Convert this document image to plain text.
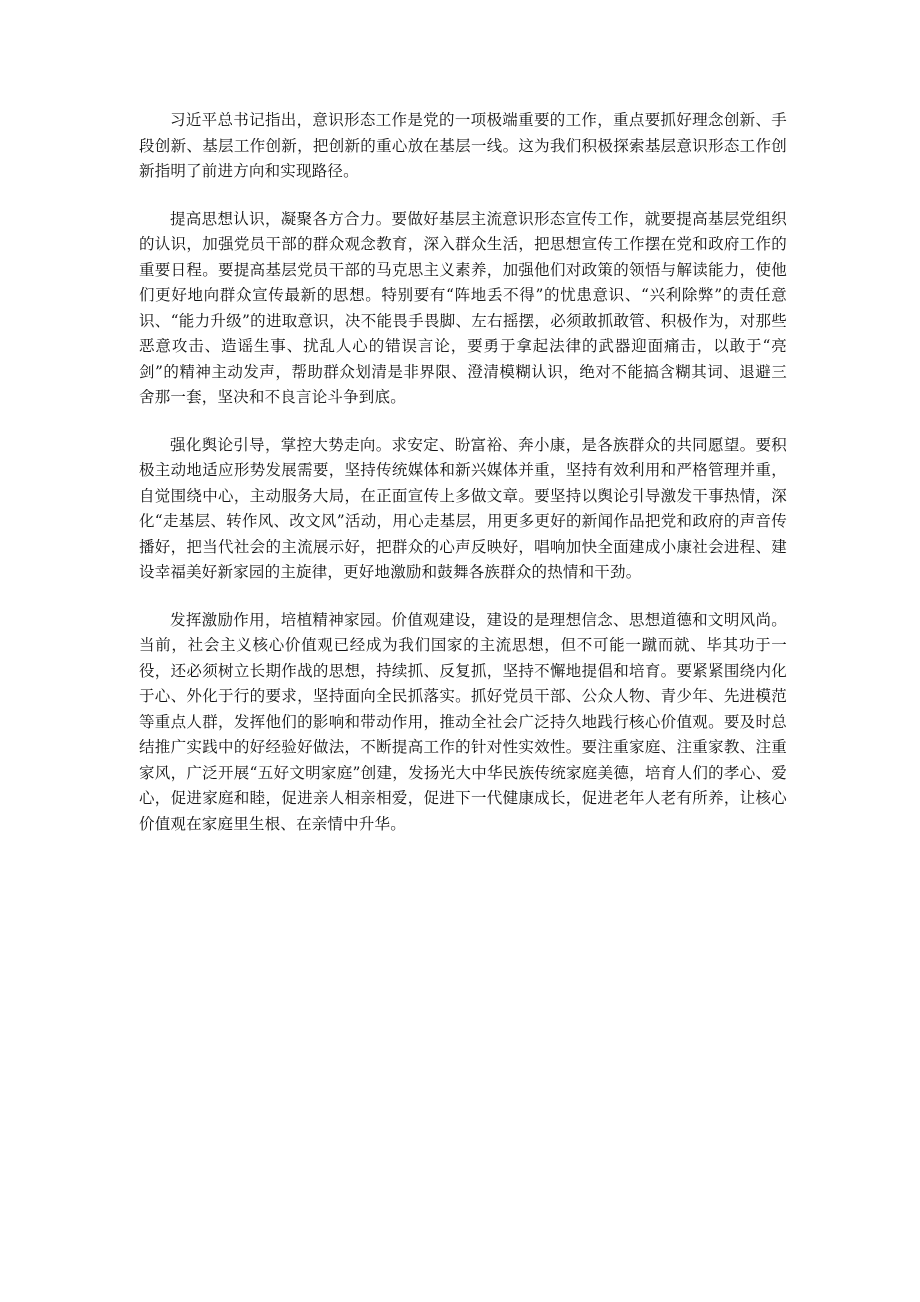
习近平总书记指出，意识形态工作是党的一项极端重要的工作，重点要抓好理念创新、手段创新、基层工作创新，把创新的重心放在基层一线。这为我们积极探索基层意识形态工作创新指明了前进方向和实现路径。

提高思想认识，凝聚各方合力。要做好基层主流意识形态宣传工作，就要提高基层党组织的认识，加强党员干部的群众观念教育，深入群众生活，把思想宣传工作摆在党和政府工作的重要日程。要提高基层党员干部的马克思主义素养，加强他们对政策的领悟与解读能力，使他们更好地向群众宣传最新的思想。特别要有“阵地丢不得”的忧患意识、“兴利除弊”的责任意识、“能力升级”的进取意识，决不能畏手畏脚、左右摇摆，必须敢抓敢管、积极作为，对那些恶意攻击、造谣生事、扰乱人心的错误言论，要勇于拿起法律的武器迎面痛击，以敢于“亮剑”的精神主动发声，帮助群众划清是非界限、澄清模糊认识，绝对不能搞含糊其词、退避三舍那一套，坚决和不良言论斗争到底。

强化舆论引导，掌控大势走向。求安定、盼富裕、奔小康，是各族群众的共同愿望。要积极主动地适应形势发展需要，坚持传统媒体和新兴媒体并重，坚持有效利用和严格管理并重，自觉围绕中心，主动服务大局，在正面宣传上多做文章。要坚持以舆论引导激发干事热情，深化“走基层、转作风、改文风”活动，用心走基层，用更多更好的新闻作品把党和政府的声音传播好，把当代社会的主流展示好，把群众的心声反映好，唱响加快全面建成小康社会进程、建设幸福美好新家园的主旋律，更好地激励和鼓舞各族群众的热情和干劲。

发挥激励作用，培植精神家园。价值观建设，建设的是理想信念、思想道德和文明风尚。当前，社会主义核心价值观已经成为我们国家的主流思想，但不可能一蹴而就、毕其功于一役，还必须树立长期作战的思想，持续抓、反复抓，坚持不懈地提倡和培育。要紧紧围绕内化于心、外化于行的要求，坚持面向全民抓落实。抓好党员干部、公众人物、青少年、先进模范等重点人群，发挥他们的影响和带动作用，推动全社会广泛持久地践行核心价值观。要及时总结推广实践中的好经验好做法，不断提高工作的针对性实效性。要注重家庭、注重家教、注重家风，广泛开展“五好文明家庭”创建，发扬光大中华民族传统家庭美德，培育人们的孝心、爱心，促进家庭和睦，促进亲人相亲相爱，促进下一代健康成长，促进老年人老有所养，让核心价值观在家庭里生根、在亲情中升华。
